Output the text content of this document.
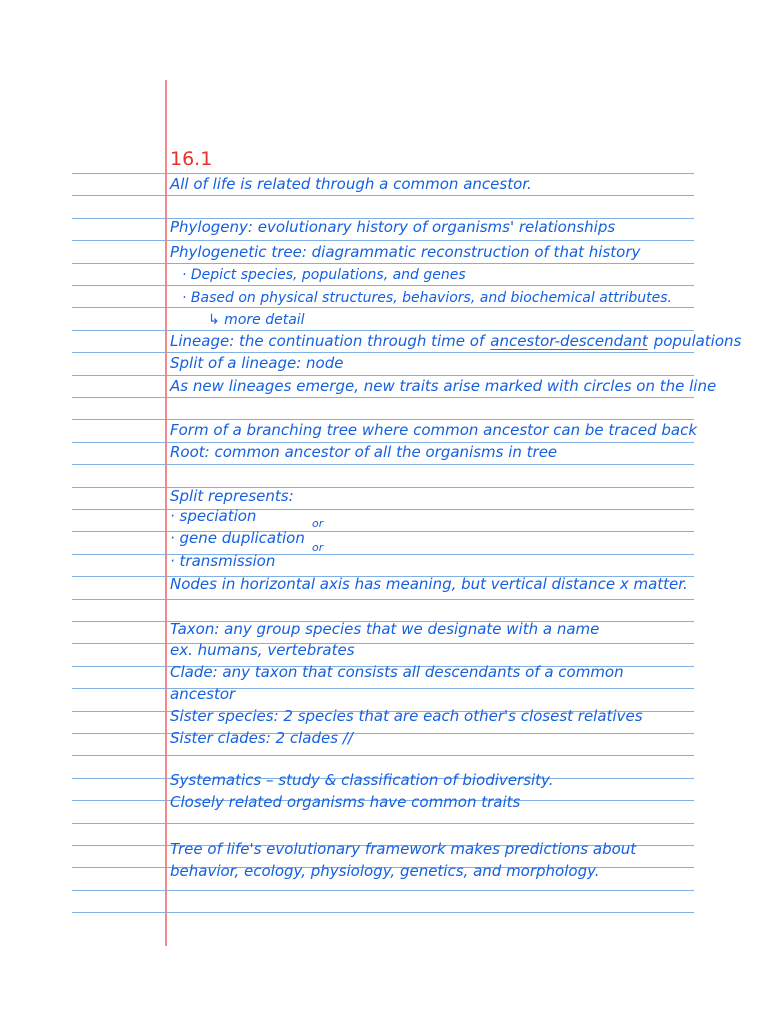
16.1
All of life is related through a common ancestor.
Phylogeny: evolutionary history of organisms' relationships
Phylogenetic tree: diagrammatic reconstruction of that history
· Depict species, populations, and genes
· Based on physical structures, behaviors, and biochemical attributes.
↳ more detail
Lineage: the continuation through time of ancestor-descendant populations
Split of a lineage: node
As new lineages emerge, new traits arise marked with circles on the line
Form of a branching tree where common ancestor can be traced back
Root: common ancestor of all the organisms in tree
Split represents:
· speciation
· gene duplication
· transmission
or
or
Nodes in horizontal axis has meaning, but vertical distance x matter.
Taxon: any group species that we designate with a name
ex. humans, vertebrates
Clade: any taxon that consists all descendants of a common
ancestor
Sister species: 2 species that are each other's closest relatives
Sister clades: 2 clades //
Systematics – study & classification of biodiversity.
Closely related organisms have common traits
Tree of life's evolutionary framework makes predictions about
behavior, ecology, physiology, genetics, and morphology.
